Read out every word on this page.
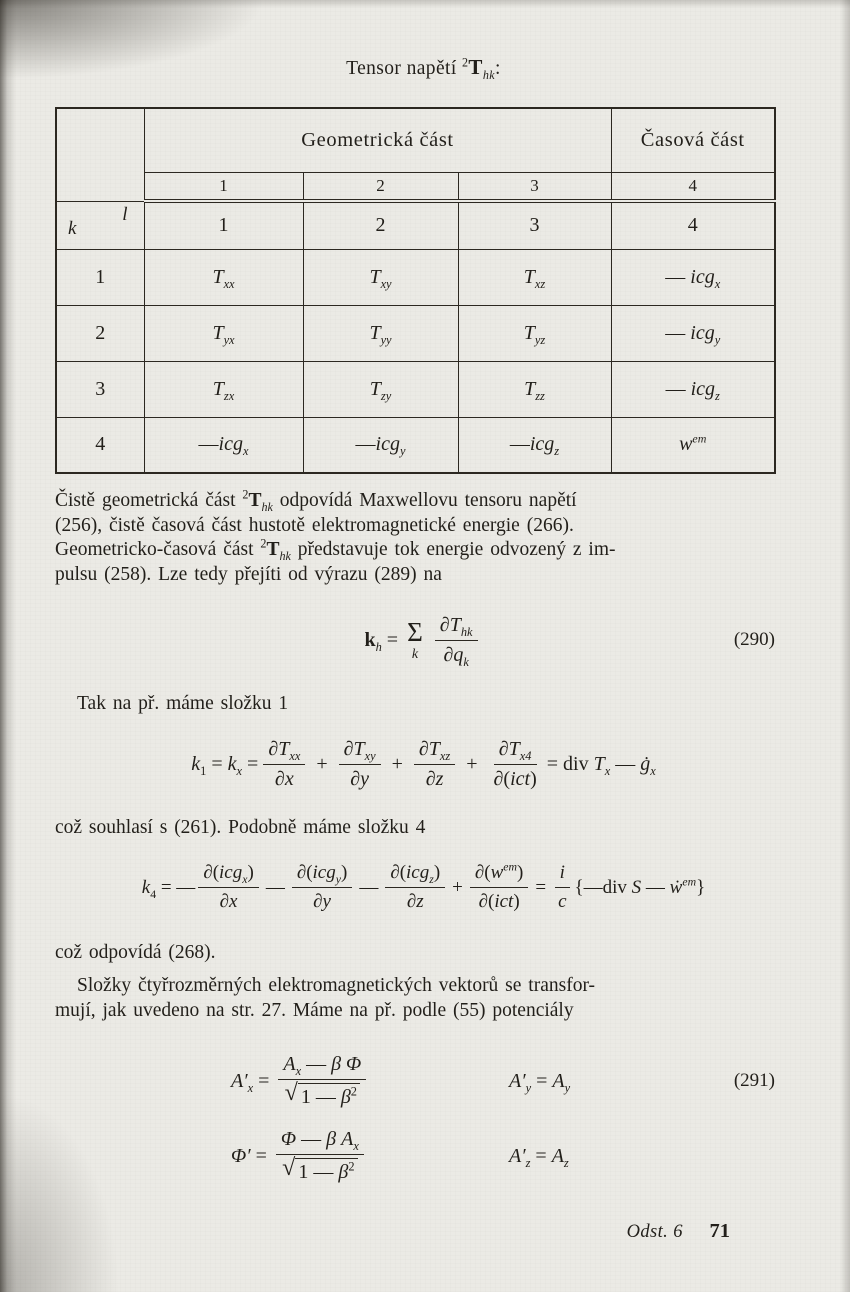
Tensor napětí $^2T_{hk}$:
	Geometrická část			Časová část
	1	2	3	4

l
k	1	2	3	4
1	$T_{xx}$	$T_{xy}$	$T_{xz}$	— icg$_x$
2	$T_{yx}$	$T_{yy}$	$T_{yz}$	— icg$_y$
3	$T_{zx}$	$T_{zy}$	$T_{zz}$	— icg$_z$
4	—icg$_x$	—icg$_y$	—icg$_z$	$w^{em}$

Čistě geometrická část $^2T_{hk}$ odpovídá Maxwellovu tensoru napětí
(256), čistě časová část hustotě elektromagnetické energie (266).
Geometricko-časová část $^2T_{hk}$ představuje tok energie odvozený z im-
pulsu (258). Lze tedy přejíti od výrazu (289) na

$k_h = \Sigma$
k $\frac{\partial T_{hk}}{\partial q_k}$	(290)

Tak na př. máme složku 1

$k_1 = k_x = \frac{\partial T_{xx}}{\partial x} + \frac{\partial T_{xy}}{\partial y} + \frac{\partial T_{xz}}{\partial z} + \frac{\partial T_{x4}}{\text{∂( ict )}}$ = div $T_x$ — $ġ_x$

což souhlasí s (261). Podobně máme složku 4

$k_4$ = — $\frac{\partial(icg_x)}{\partial x}$ — $\frac{\partial(icg_y)}{\partial y}$ — $\frac{\partial(icg_z)}{\partial z} + \frac{\partial(w^{em})}{\text{∂( ict )}} = \frac{i}{c}$ {—div S — ẇ$^{em}$}

což odpovídá (268).

Složky čtyřrozměrných elektromagnetických vektorů se transfor-
mují, jak uvedeno na str. 27. Máme na př. podle (55) potenciály

$A'_x = \frac{A_x — \beta \Phi}{√ 1 — \beta^2}$	$A'_y = A_y$	(291)
$\Phi' = \frac{\Phi — \beta A_x}{√ 1 — \beta^2}$	$A'_z = A_z$
Odst. 6 71
